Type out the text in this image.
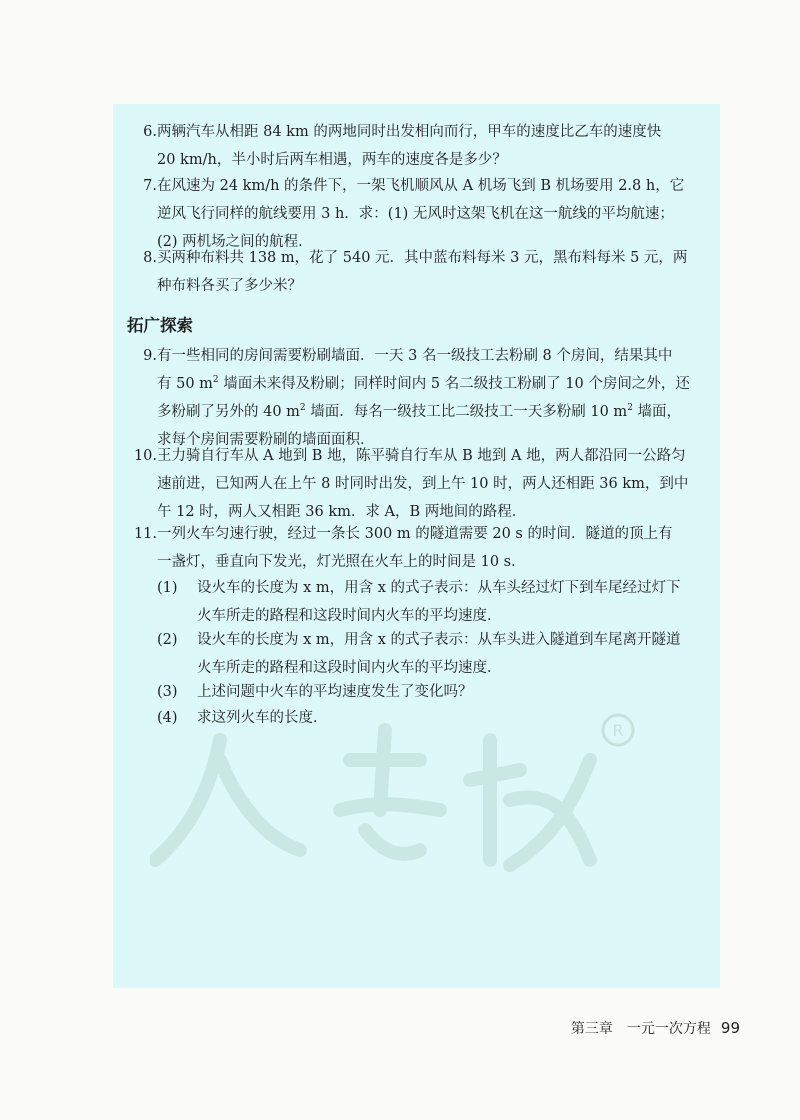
R
6. 两辆汽车从相距 84 km 的两地同时出发相向而行，甲车的速度比乙车的速度快
20 km/h，半小时后两车相遇，两车的速度各是多少？
7. 在风速为 24 km/h 的条件下，一架飞机顺风从 A 机场飞到 B 机场要用 2.8 h，它
逆风飞行同样的航线要用 3 h．求：(1) 无风时这架飞机在这一航线的平均航速；
(2) 两机场之间的航程．
8. 买两种布料共 138 m，花了 540 元．其中蓝布料每米 3 元，黑布料每米 5 元，两
种布料各买了多少米？
拓广探索
9. 有一些相同的房间需要粉刷墙面．一天 3 名一级技工去粉刷 8 个房间，结果其中
有 50 $m^2$ 墙面未来得及粉刷；同样时间内 5 名二级技工粉刷了 10 个房间之外，还
多粉刷了另外的 40 $m^2$ 墙面．每名一级技工比二级技工一天多粉刷 10 $m^2$ 墙面，
求每个房间需要粉刷的墙面面积．
10. 王力骑自行车从 A 地到 B 地，陈平骑自行车从 B 地到 A 地，两人都沿同一公路匀
速前进，已知两人在上午 8 时同时出发，到上午 10 时，两人还相距 36 km，到中
午 12 时，两人又相距 36 km．求 A，B 两地间的路程．
11. 一列火车匀速行驶，经过一条长 300 m 的隧道需要 20 s 的时间．隧道的顶上有
一盏灯，垂直向下发光，灯光照在火车上的时间是 10 s．
(1)	设火车的长度为 x m，用含 x 的式子表示：从车头经过灯下到车尾经过灯下
火车所走的路程和这段时间内火车的平均速度．
(2)	设火车的长度为 x m，用含 x 的式子表示：从车头进入隧道到车尾离开隧道
火车所走的路程和这段时间内火车的平均速度．
(3)	上述问题中火车的平均速度发生了变化吗？
(4)	求这列火车的长度．
第三章　一元一次方程 99
